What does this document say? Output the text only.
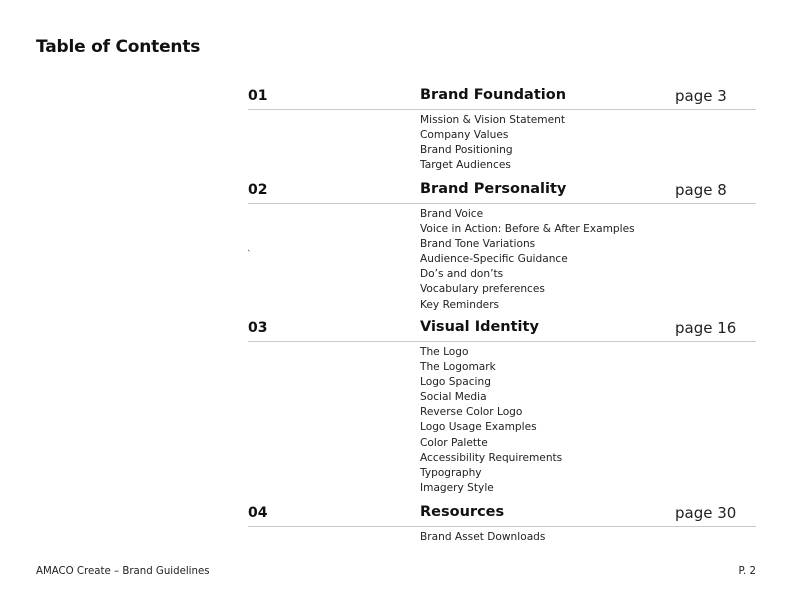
Table of Contents
01	Brand Foundation	page 3
Mission & Vision Statement
Company Values
Brand Positioning
Target Audiences
02	Brand Personality	page 8
Brand Voice
Voice in Action: Before & After Examples
Brand Tone Variations
Audience-Specific Guidance
Do’s and don’ts
Vocabulary preferences
Key Reminders
03	Visual Identity	page 16
The Logo
The Logomark
Logo Spacing
Social Media
Reverse Color Logo
Logo Usage Examples
Color Palette
Accessibility Requirements
Typography
Imagery Style
04	Resources	page 30
Brand Asset Downloads
`
AMACO Create – Brand Guidelines	P. 2
